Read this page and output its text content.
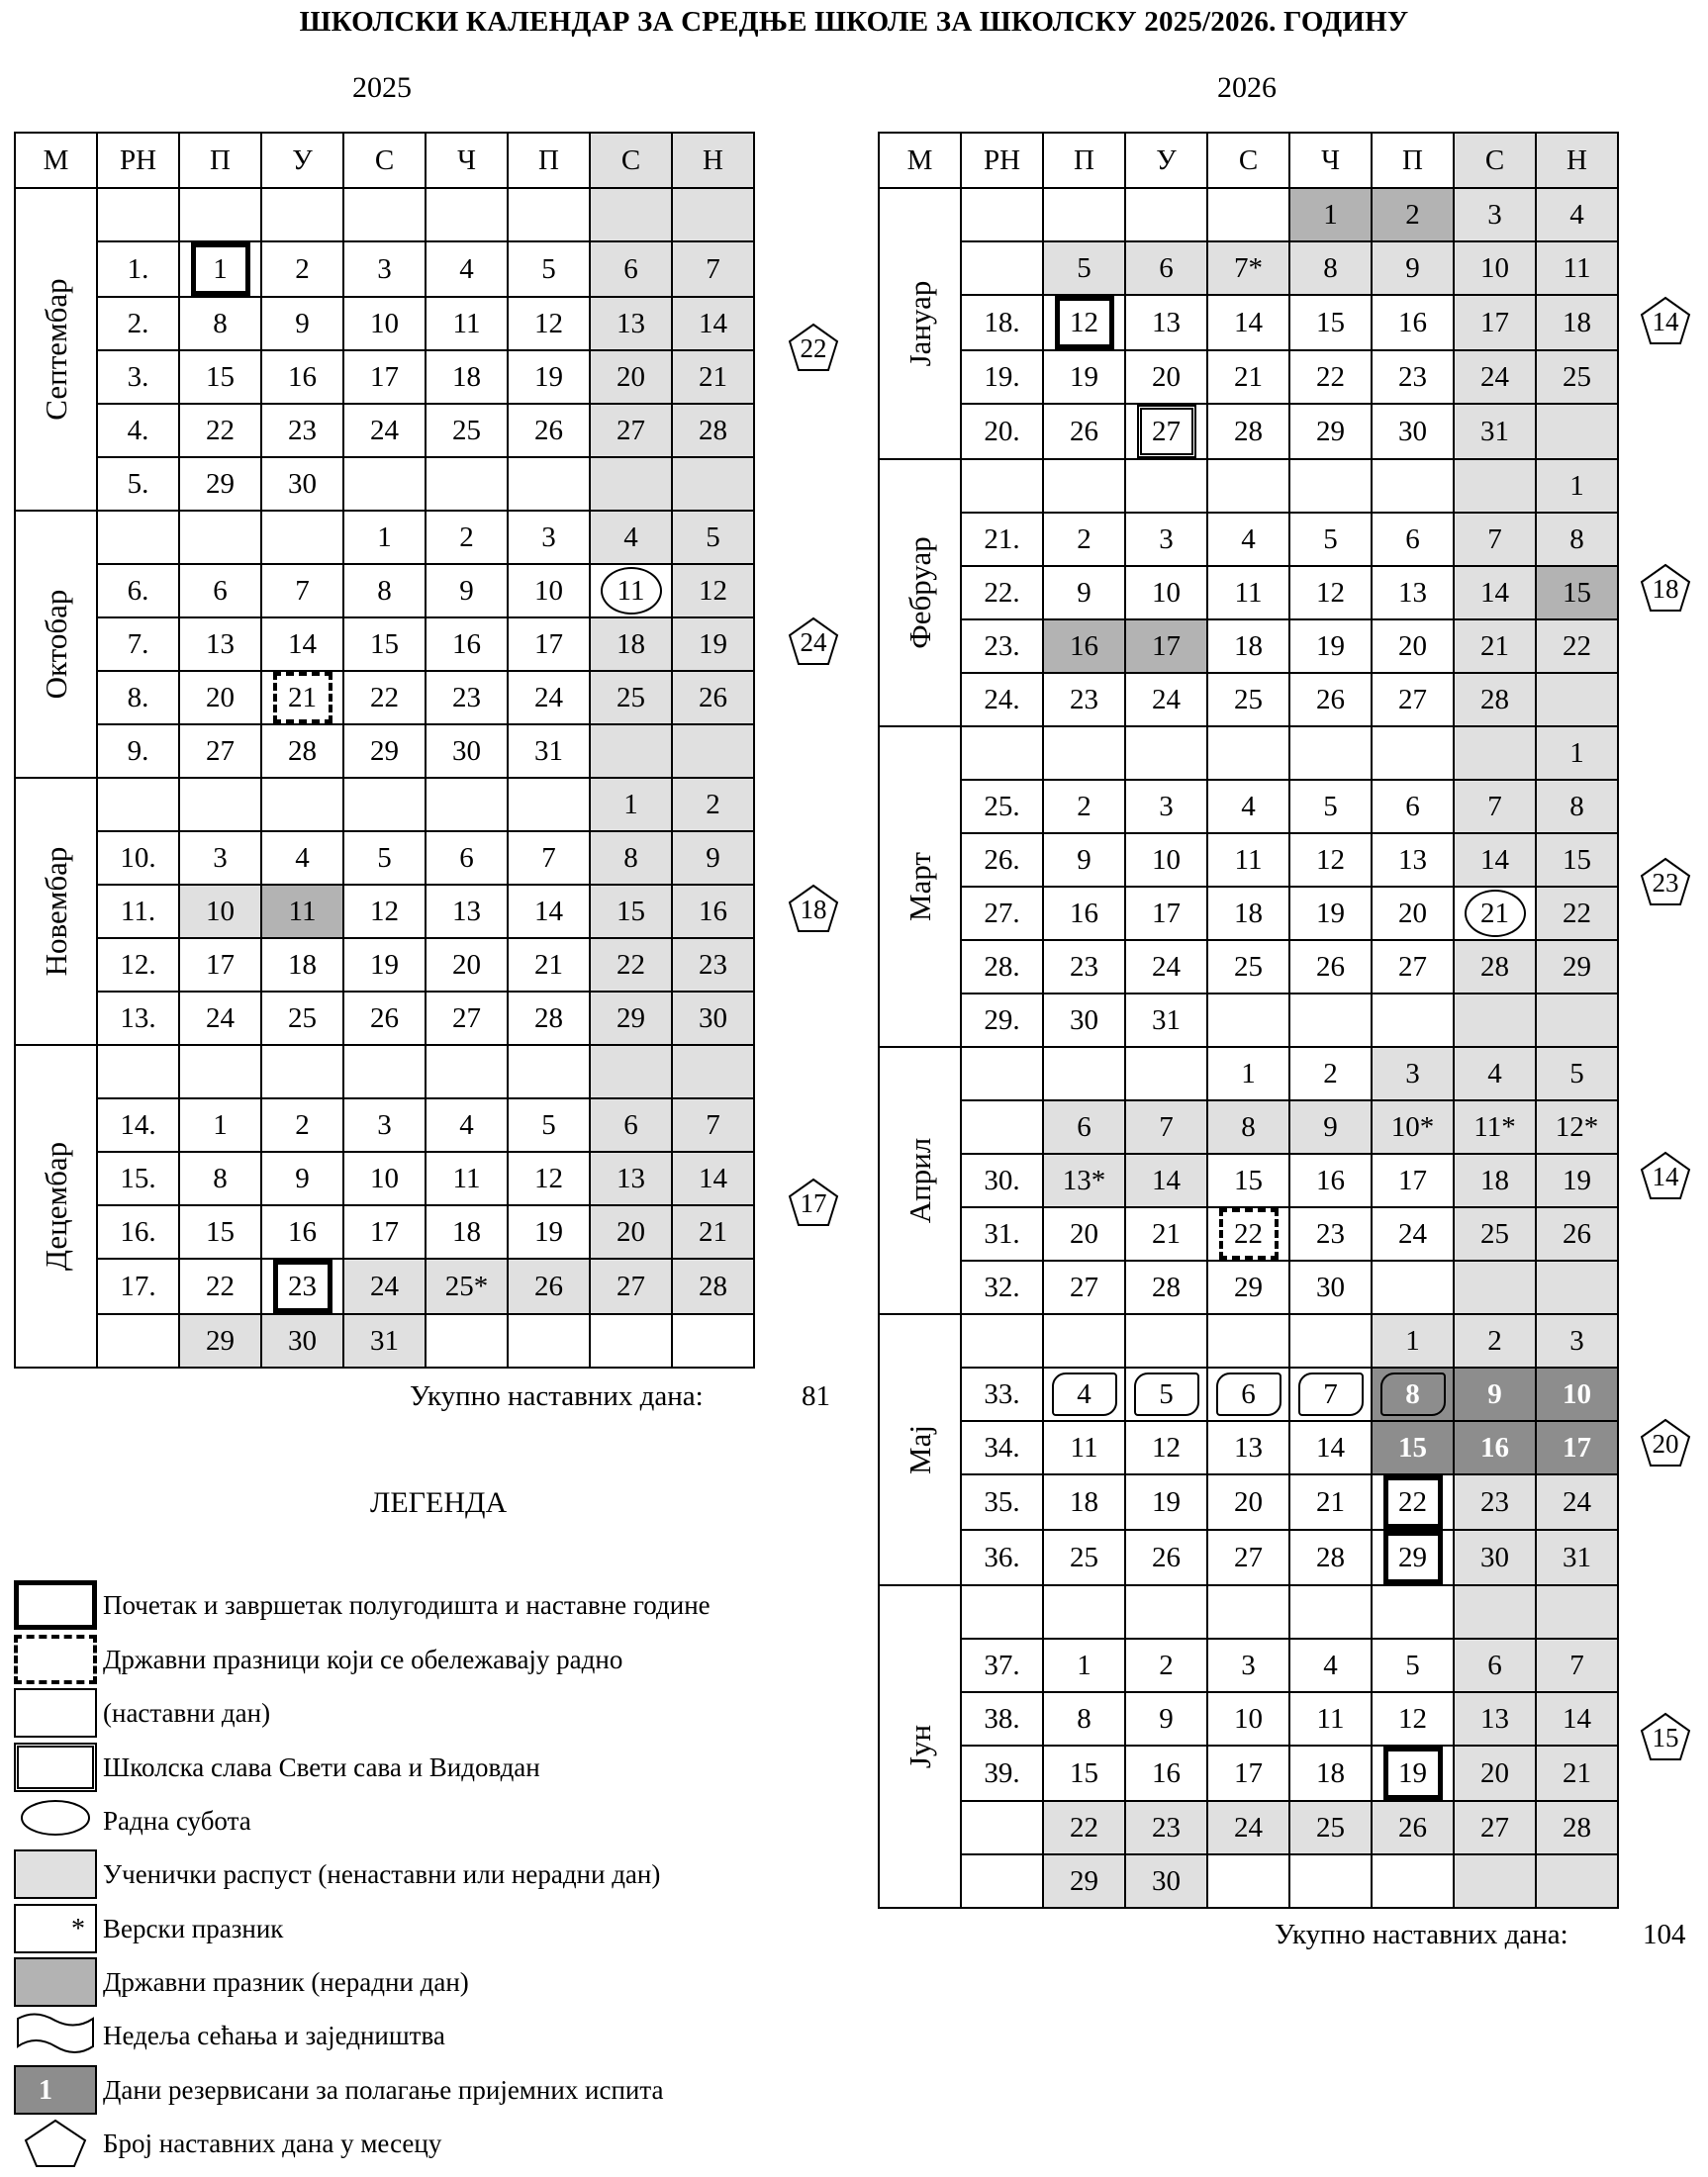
ШКОЛСКИ КАЛЕНДАР ЗА СРЕДЊЕ ШКОЛЕ ЗА ШКОЛСКУ 2025/2026. ГОДИНУ
2025	2026
М	РН	П	У	С	Ч	П	С	Н

Септембар								

	1.	1	2	3	4	5	6	7
	2.	8	9	10	11	12	13	14
	3.	15	16	17	18	19	20	21
	4.	22	23	24	25	26	27	28
	5.	29	30					

Октобар				1	2	3	4	5
	6.	6	7	8	9	10	11	12
	7.	13	14	15	16	17	18	19
	8.	20	21	22	23	24	25	26
	9.	27	28	29	30	31		

Новембар							1	2
	10.	3	4	5	6	7	8	9
	11.	10	11	12	13	14	15	16
	12.	17	18	19	20	21	22	23
	13.	24	25	26	27	28	29	30

Децембар								

	14.	1	2	3	4	5	6	7
	15.	8	9	10	11	12	13	14
	16.	15	16	17	18	19	20	21
	17.	22	23	24	25*	26	27	28
		29	30	31				
М	РН	П	У	С	Ч	П	С	Н

Јануар					1	2	3	4
		5	6	7*	8	9	10	11
	18.	12	13	14	15	16	17	18
	19.	19	20	21	22	23	24	25
	20.	26	27	28	29	30	31	

Фебруар								1
	21.	2	3	4	5	6	7	8
	22.	9	10	11	12	13	14	15
	23.	16	17	18	19	20	21	22
	24.	23	24	25	26	27	28	

Март								1
	25.	2	3	4	5	6	7	8
	26.	9	10	11	12	13	14	15
	27.	16	17	18	19	20	21	22
	28.	23	24	25	26	27	28	29
	29.	30	31					

Април				1	2	3	4	5
		6	7	8	9	10*	11*	12*
	30.	13*	14	15	16	17	18	19
	31.	20	21	22	23	24	25	26
	32.	27	28	29	30			

Мај						1	2	3
	33.	4	5	6	7	8	9	10
	34.	11	12	13	14	15	16	17
	35.	18	19	20	21	22	23	24
	36.	25	26	27	28	29	30	31

Јун								

	37.	1	2	3	4	5	6	7
	38.	8	9	10	11	12	13	14
	39.	15	16	17	18	19	20	21
		22	23	24	25	26	27	28
		29	30					
22
24
18
17
14
18
23
14
20
15
Укупно наставних дана:	81
Укупно наставних дана:	104
ЛЕГЕНДА
Почетак и завршетак полугодишта и наставне године
Државни празници који се обележавају радно
(наставни дан)
Школска слава Свети сава и Видовдан
Радна субота
Ученички распуст (ненаставни или нерадни дан)
* Верски празник
Државни празник (нерадни дан)
Недеља сећања и заједништва
1	Дани резервисани за полагање пријемних испита
Број наставних дана у месецу
